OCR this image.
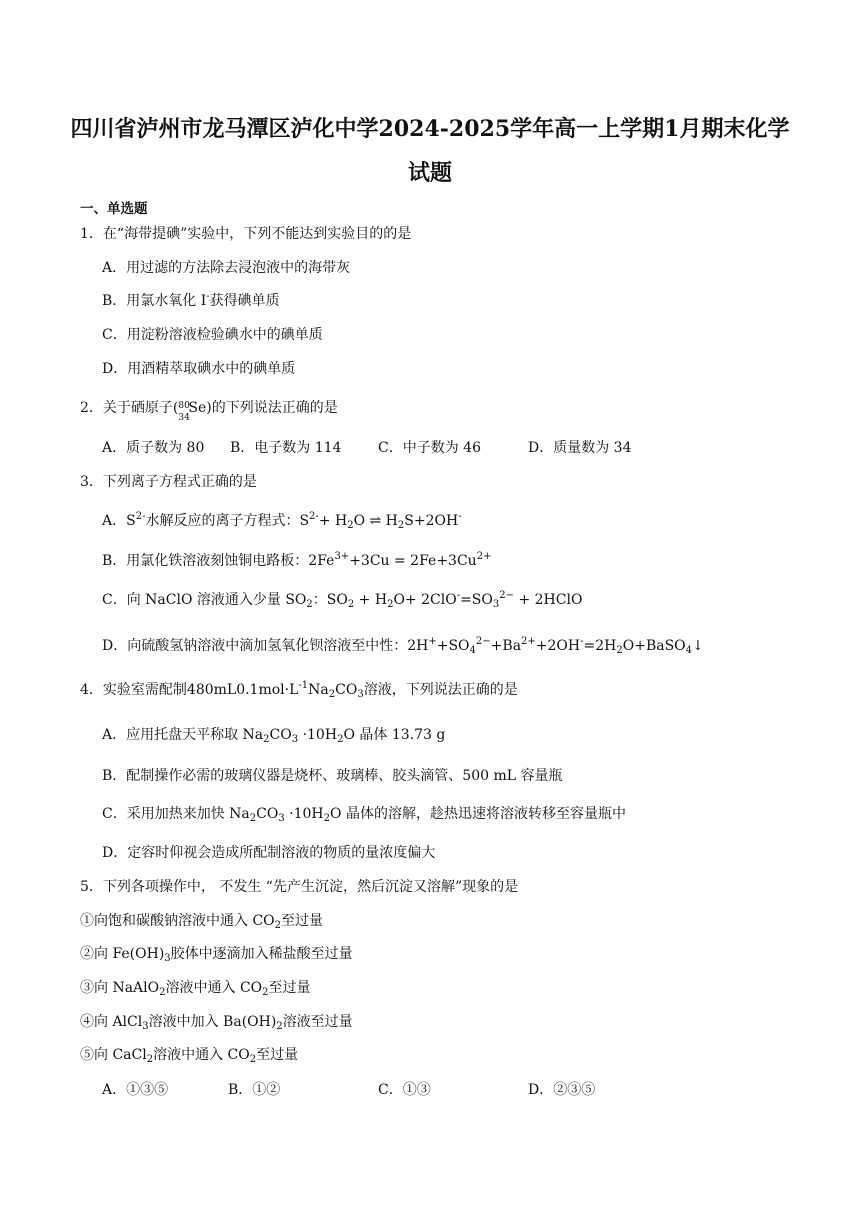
四川省泸州市龙马潭区泸化中学2024-2025学年高一上学期1月期末化学
试题
一、单选题
1．在“海带提碘”实验中，下列不能达到实验目的的是
A．用过滤的方法除去浸泡液中的海带灰
B．用氯水氧化 I-获得碘单质
C．用淀粉溶液检验碘水中的碘单质
D．用酒精萃取碘水中的碘单质
2．关于硒原子( 80
34
Se)的下列说法正确的是
A．质子数为 80 B．电子数为 114	C．中子数为 46	D．质量数为 34
3．下列离子方程式正确的是
A．$S^{2-}$水解反应的离子方程式：$S^{2-}+ H_2O$ ⇌ $H_2S+2OH^-$
B．用氯化铁溶液刻蚀铜电路板：$2Fe^{3+}+3Cu = 2Fe+3Cu^{2+}$
C．向 NaClO 溶液通入少量 $SO_2$：$SO_2 + H_2O+ 2ClO^-=SO_3^{2-}$ + 2HClO
D．向硫酸氢钠溶液中滴加氢氧化钡溶液至中性：$2H^++SO_4^{2-}+Ba^{2+}+2OH^-=2H_2O+BaSO_4↓$
4．实验室需配制$480mL0.1mol\cdot L^{-1}Na_2CO_3$溶液，下列说法正确的是
A．应用托盘天平称取 $Na_2CO_3 \cdot 10H_2O$ 晶体 13.73 g
B．配制操作必需的玻璃仪器是烧杯、玻璃棒、胶头滴管、500 mL 容量瓶
C．采用加热来加快 $Na_2CO_3 \cdot 10H_2O$ 晶体的溶解，趁热迅速将溶液转移至容量瓶中
D．定容时仰视会造成所配制溶液的物质的量浓度偏大
5．下列各项操作中， 不发生 “先产生沉淀，然后沉淀又溶解”现象的是
①向饱和碳酸钠溶液中通入 $CO_2$至过量
②向 $Fe(OH)_3$胶体中逐滴加入稀盐酸至过量
③向 NaAlO$_2$溶液中通入 $CO_2$至过量
④向 AlCl$_3$溶液中加入 $Ba(OH)_2$溶液至过量
⑤向 CaCl$_2$溶液中通入 $CO_2$至过量
A．①③⑤	B．①②	C．①③	D．②③⑤
